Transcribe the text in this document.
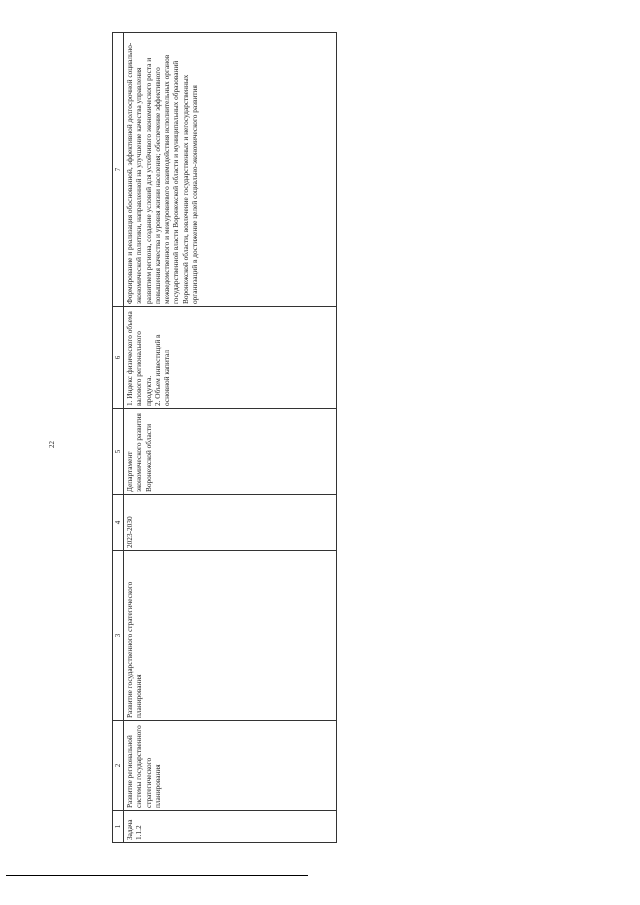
22
1	2	3	4	5	6	7
Задача 1.1.2	Развитие региональной системы государственного стратегического планирования	Развитие государственного стратегического планирования	2023-2030	Департамент экономического развития Воронежской области	1. Индекс физического объема валового регионального продукта. 2. Объем инвестиций в основной капитал	Формирование и реализация обоснованной, эффективной долгосрочной социально-экономической политики, направленной на улучшение качества управления развитием региона, создание условий для устойчивого экономического роста и повышения качества и уровня жизни населения; обеспечение эффективного межведомственного и межуровневого взаимодействия исполнительных органов государственной власти Воронежской области и муниципальных образований Воронежской области, вовлечение государственных и негосударственных организаций в достижение целей социально-экономического развития
